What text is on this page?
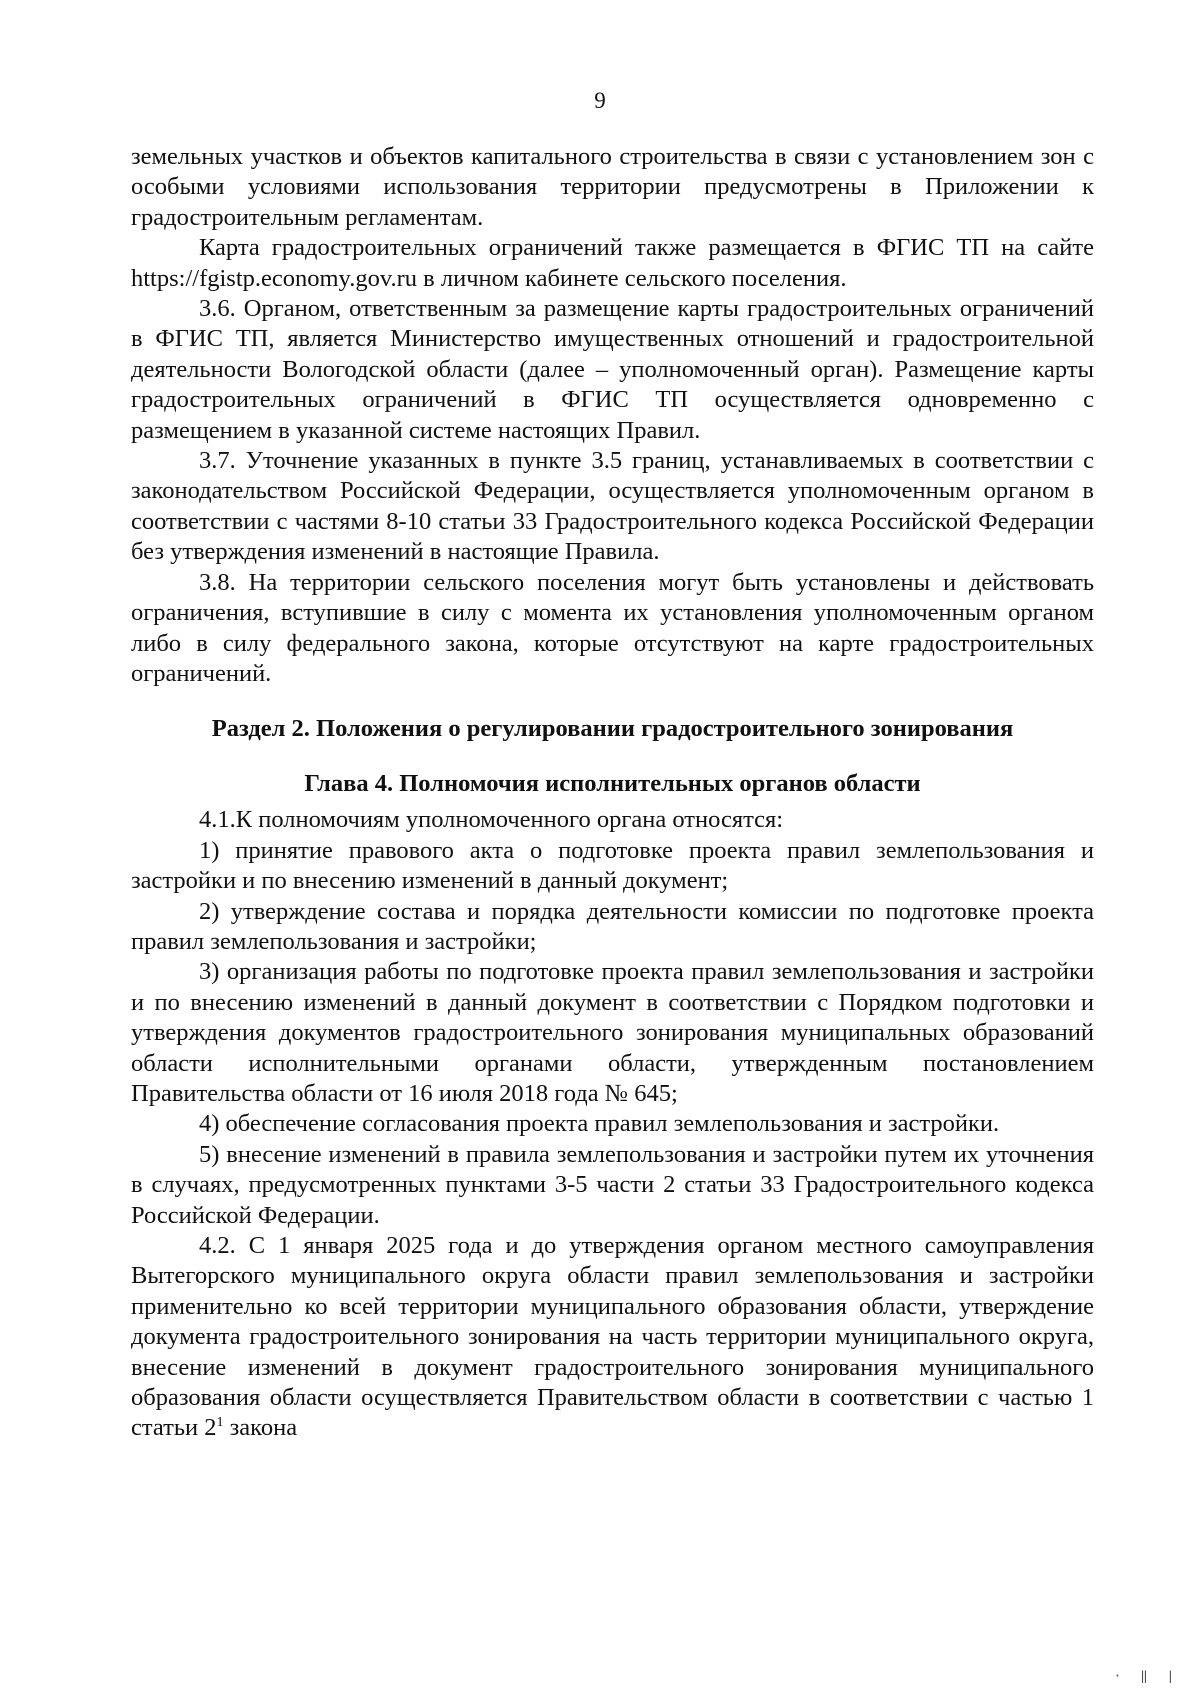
9

земельных участков и объектов капитального строительства в связи с установлением зон с особыми условиями использования территории предусмотрены в Приложении к градостроительным регламентам.

Карта градостроительных ограничений также размещается в ФГИС ТП на сайте https://fgistp.economy.gov.ru в личном кабинете сельского поселения.

3.6. Органом, ответственным за размещение карты градостроительных ограничений в ФГИС ТП, является Министерство имущественных отношений и градостроительной деятельности Вологодской области (далее – уполномоченный орган). Размещение карты градостроительных ограничений в ФГИС ТП осуществляется одновременно с размещением в указанной системе настоящих Правил.

3.7. Уточнение указанных в пункте 3.5 границ, устанавливаемых в соответствии с законодательством Российской Федерации, осуществляется уполномоченным органом в соответствии с частями 8-10 статьи 33 Градостроительного кодекса Российской Федерации без утверждения изменений в настоящие Правила.

3.8. На территории сельского поселения могут быть установлены и действовать ограничения, вступившие в силу с момента их установления уполномоченным органом либо в силу федерального закона, которые отсутствуют на карте градостроительных ограничений.

Раздел 2. Положения о регулировании градостроительного зонирования
Глава 4. Полномочия исполнительных органов области

4.1.К полномочиям уполномоченного органа относятся:

1) принятие правового акта о подготовке проекта правил землепользования и застройки и по внесению изменений в данный документ;

2) утверждение состава и порядка деятельности комиссии по подготовке проекта правил землепользования и застройки;

3) организация работы по подготовке проекта правил землепользования и застройки и по внесению изменений в данный документ в соответствии с Порядком подготовки и утверждения документов градостроительного зонирования муниципальных образований области исполнительными органами области, утвержденным постановлением Правительства области от 16 июля 2018 года № 645;

4) обеспечение согласования проекта правил землепользования и застройки.

5) внесение изменений в правила землепользования и застройки путем их уточнения в случаях, предусмотренных пунктами 3-5 части 2 статьи 33 Градостроительного кодекса Российской Федерации.

4.2. С 1 января 2025 года и до утверждения органом местного самоуправления Вытегорского муниципального округа области правил землепользования и застройки применительно ко всей территории муниципального образования области, утверждение документа градостроительного зонирования на часть территории муниципального округа, внесение изменений в документ градостроительного зонирования муниципального образования области осуществляется Правительством области в соответствии с частью 1 статьи $2^1$ закона

· ‖ |
